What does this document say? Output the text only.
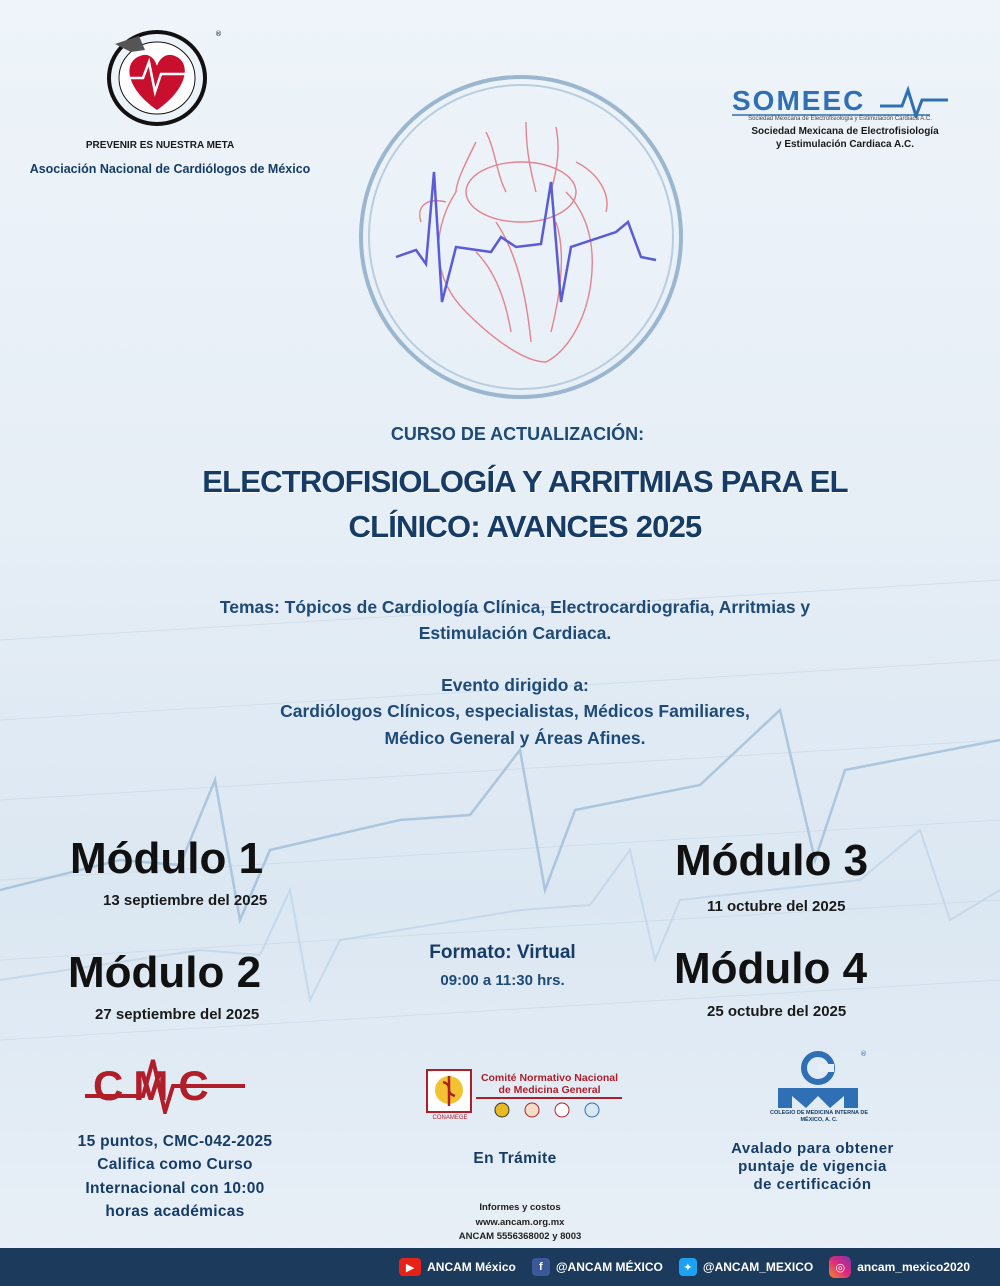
®
PREVENIR ES NUESTRA META
Asociación Nacional de Cardiólogos de México
SOMEEC
Sociedad Mexicana de Electrofisiología y Estimulación Cardiaca A.C.
Sociedad Mexicana de Electrofisiología
y Estimulación Cardiaca A.C.
CURSO DE ACTUALIZACIÓN:
ELECTROFISIOLOGÍA Y ARRITMIAS PARA EL
CLÍNICO: AVANCES 2025
Temas: Tópicos de Cardiología Clínica, Electrocardiografia, Arritmias y
Estimulación Cardiaca.
Evento dirigido a:
Cardiólogos Clínicos, especialistas, Médicos Familiares,
Médico General y Áreas Afines.
Módulo 1
13 septiembre del 2025
Módulo 2
27 septiembre del 2025
Módulo 3
11 octubre del 2025
Módulo 4
25 octubre del 2025
Formato: Virtual
09:00 a 11:30 hrs.
CMC
15 puntos, CMC-042-2025
Califica como Curso
Internacional con 10:00
horas académicas
Comité Normativo Nacional
de Medicina General
CONAMEGE
En Trámite
Informes y costos
www.ancam.org.mx
ANCAM 5556368002 y 8003
®
COLEGIO DE MEDICINA INTERNA DE MÉXICO, A. C.
Avalado para obtener
puntaje de vigencia
de certificación
▶	ANCAM México	f	@ANCAM MÉXICO	✦ @ANCAM_MEXICO	◎	ancam_mexico2020
